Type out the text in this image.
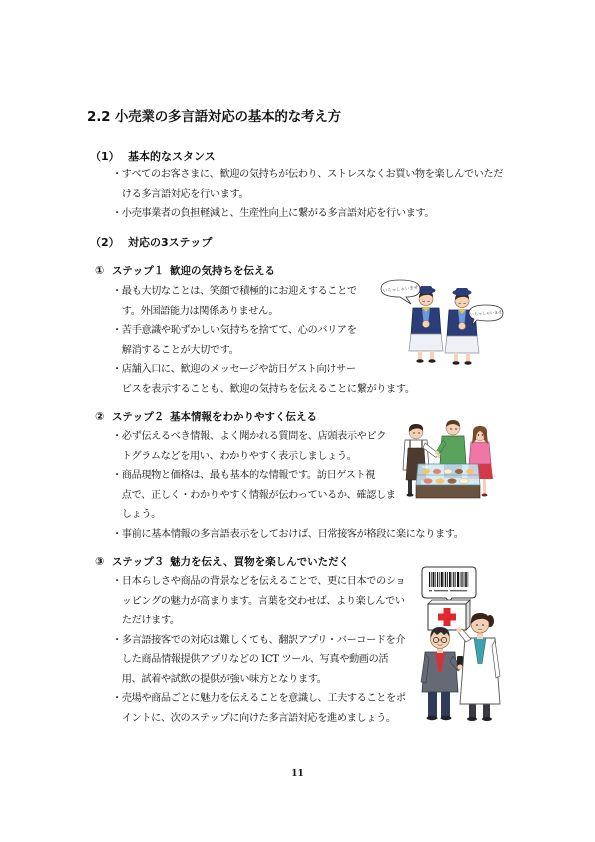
2.2 小売業の多言語対応の基本的な考え方
（1） 基本的なスタンス
・すべてのお客さまに、歓迎の気持ちが伝わり、ストレスなくお買い物を楽しんでいただ
ける多言語対応を行います。
・小売事業者の負担軽減と、生産性向上に繋がる多言語対応を行います。
（2） 対応の3ステップ
① ステップ１ 歓迎の気持ちを伝える
・最も大切なことは、笑顔で積極的にお迎えすることで
す。外国語能力は関係ありません。
・苦手意識や恥ずかしい気持ちを捨てて、心のバリアを
解消することが大切です。
・店舗入口に、歓迎のメッセージや訪日ゲスト向けサー
ビスを表示することも、歓迎の気持ちを伝えることに繋がります。
② ステップ２ 基本情報をわかりやすく伝える
・必ず伝えるべき情報、よく聞かれる質問を、店頭表示やピク
トグラムなどを用い、わかりやすく表示しましょう。
・商品現物と価格は、最も基本的な情報です。訪日ゲスト視
点で、正しく・わかりやすく情報が伝わっているか、確認しま
しょう。
・事前に基本情報の多言語表示をしておけば、日常接客が格段に楽になります。
③ ステップ３ 魅力を伝え、買物を楽しんでいただく
・日本らしさや商品の背景などを伝えることで、更に日本でのショ
ッピングの魅力が高まります。言葉を交わせば、より楽しんでい
ただけます。
・多言語接客での対応は難しくても、翻訳アプリ・バーコードを介
した商品情報提供アプリなどの ICT ツール、写真や動画の活
用、試着や試飲の提供が強い味方となります。
・売場や商品ごとに魅力を伝えることを意識し、工夫することをポ
イントに、次のステップに向けた多言語対応を進めましょう。
いらっしゃいませ
いらっしゃいませ
11
